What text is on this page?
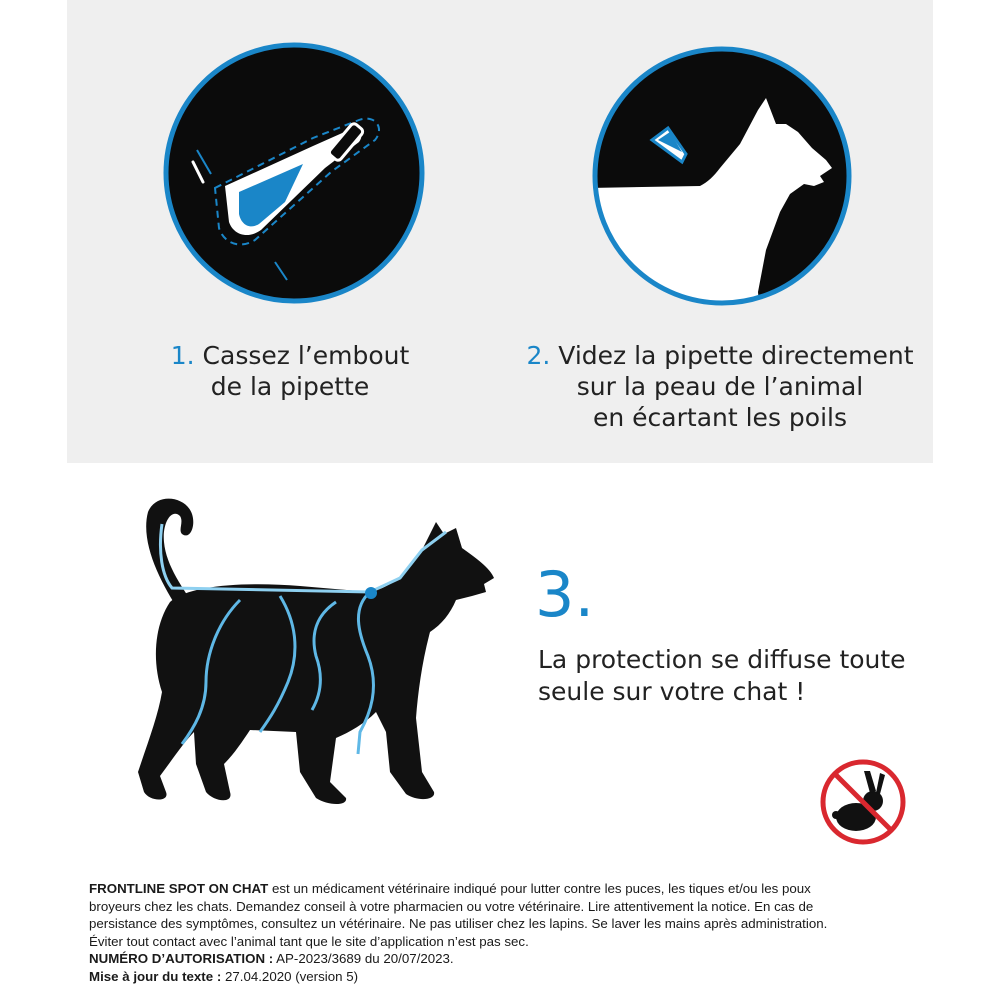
1. Cassez l’embout
de la pipette
2. Videz la pipette directement
sur la peau de l’animal
en écartant les poils
3.
La protection se diffuse toute
seule sur votre chat !

FRONTLINE SPOT ON CHAT est un médicament vétérinaire indiqué pour lutter contre les puces, les tiques et/ou les poux

broyeurs chez les chats. Demandez conseil à votre pharmacien ou votre vétérinaire. Lire attentivement la notice. En cas de

persistance des symptômes, consultez un vétérinaire. Ne pas utiliser chez les lapins. Se laver les mains après administration.

Éviter tout contact avec l’animal tant que le site d’application n’est pas sec.

NUMÉRO D’AUTORISATION : AP-2023/3689 du 20/07/2023.

Mise à jour du texte : 27.04.2020 (version 5)
